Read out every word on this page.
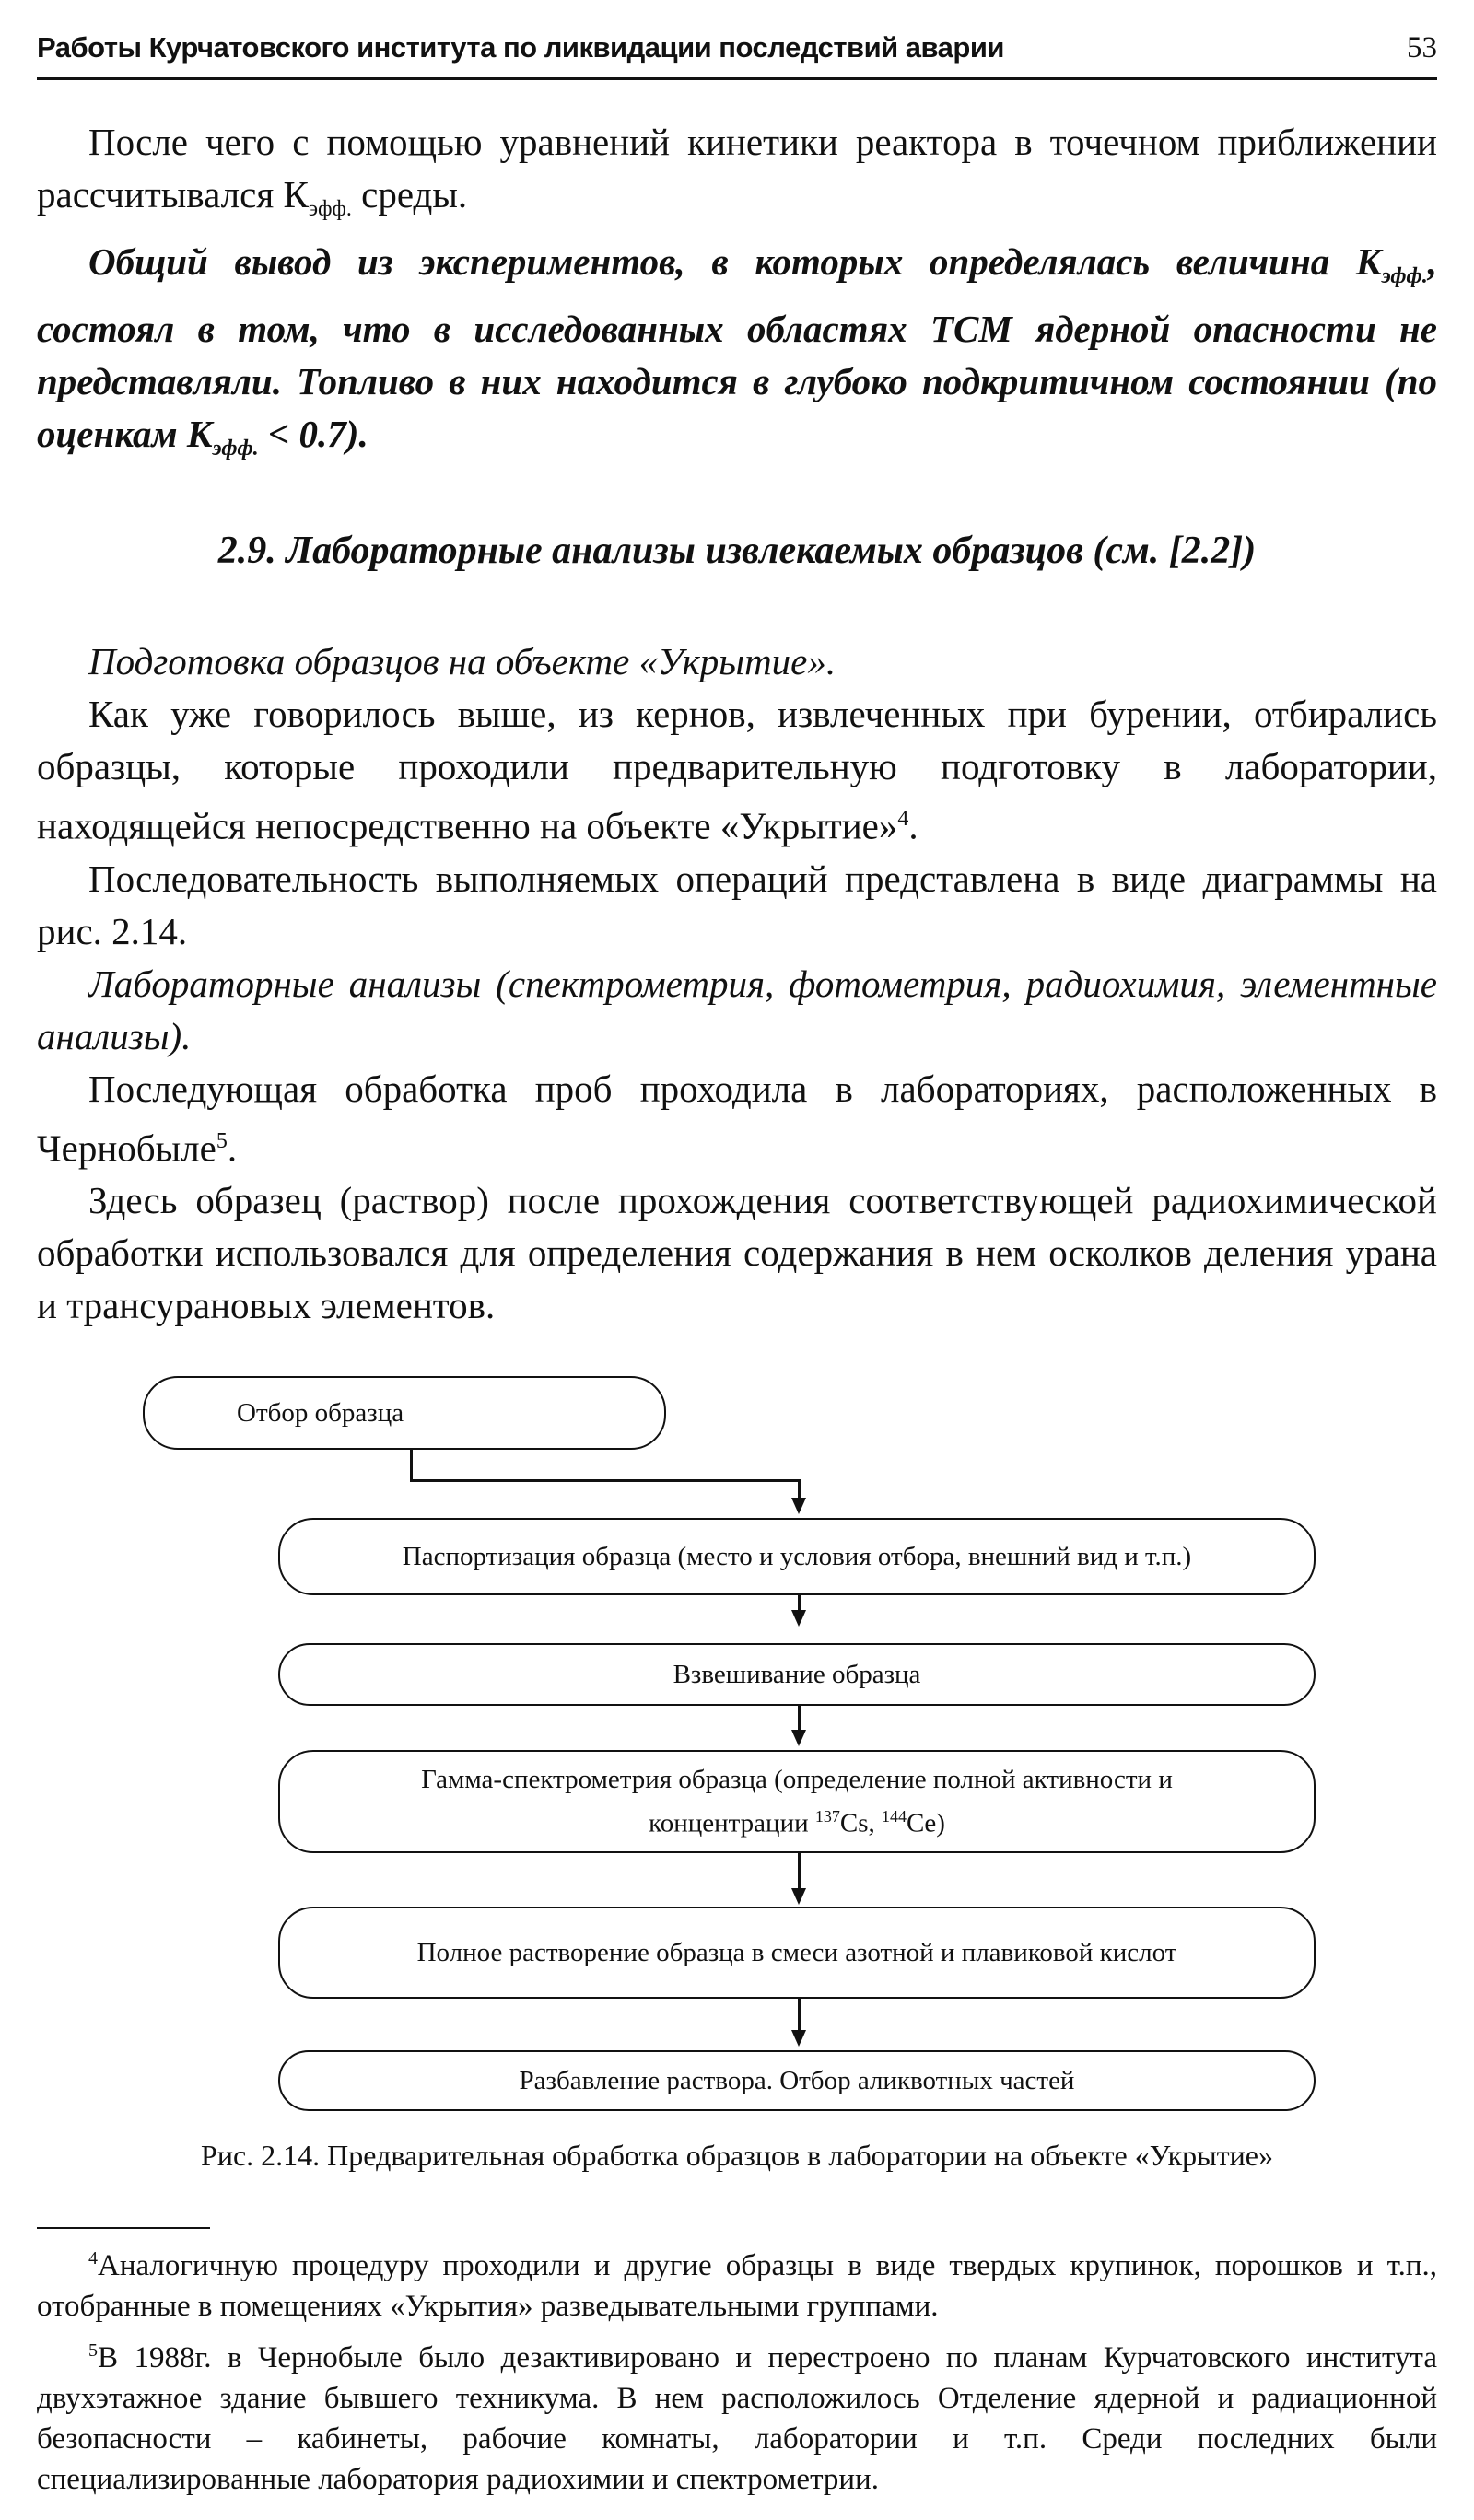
Работы Курчатовского института по ликвидации последствий аварии	53

После чего с помощью уравнений кинетики реактора в точечном приближении рассчитывался $К_{эфф.}$ среды.

Общий вывод из экспериментов, в которых определялась величина $К_{эфф.}$, состоял в том, что в исследованных областях ТСМ ядерной опасности не представляли. Топливо в них находится в глубоко подкритичном состоянии (по оценкам $К_{эфф.} < 0.7$).

2.9. Лабораторные анализы извлекаемых образцов (см. [2.2])

Подготовка образцов на объекте «Укрытие».

Как уже говорилось выше, из кернов, извлеченных при бурении, отбирались образцы, которые проходили предварительную подготовку в лаборатории, находящейся непосредственно на объекте «Укрытие»$^4$.

Последовательность выполняемых операций представлена в виде диаграммы на рис. 2.14.

Лабораторные анализы (спектрометрия, фотометрия, радиохимия, элементные анализы).

Последующая обработка проб проходила в лабораториях, расположенных в Чернобыле$^5$.

Здесь образец (раствор) после прохождения соответствующей радиохимической обработки использовался для определения содержания в нем осколков деления урана и трансурановых элементов.

Отбор образца
Паспортизация образца (место и условия отбора, внешний вид и т.п.)
Взвешивание образца
Гамма-спектрометрия образца (определение полной активности и
концентрации $^{137}$Cs, $^{144}$Ce)
Полное растворение образца в смеси азотной и плавиковой кислот
Разбавление раствора. Отбор аликвотных частей
Рис. 2.14. Предварительная обработка образцов в лаборатории на объекте «Укрытие»

$^4$Аналогичную процедуру проходили и другие образцы в виде твердых крупинок, порошков и т.п., отобранные в помещениях «Укрытия» разведывательными группами.

$^5$В 1988г. в Чернобыле было дезактивировано и перестроено по планам Курчатовского института двухэтажное здание бывшего техникума. В нем расположилось Отделение ядерной и радиационной безопасности – кабинеты, рабочие комнаты, лаборатории и т.п. Среди последних были специализированные лаборатория радиохимии и спектрометрии.
